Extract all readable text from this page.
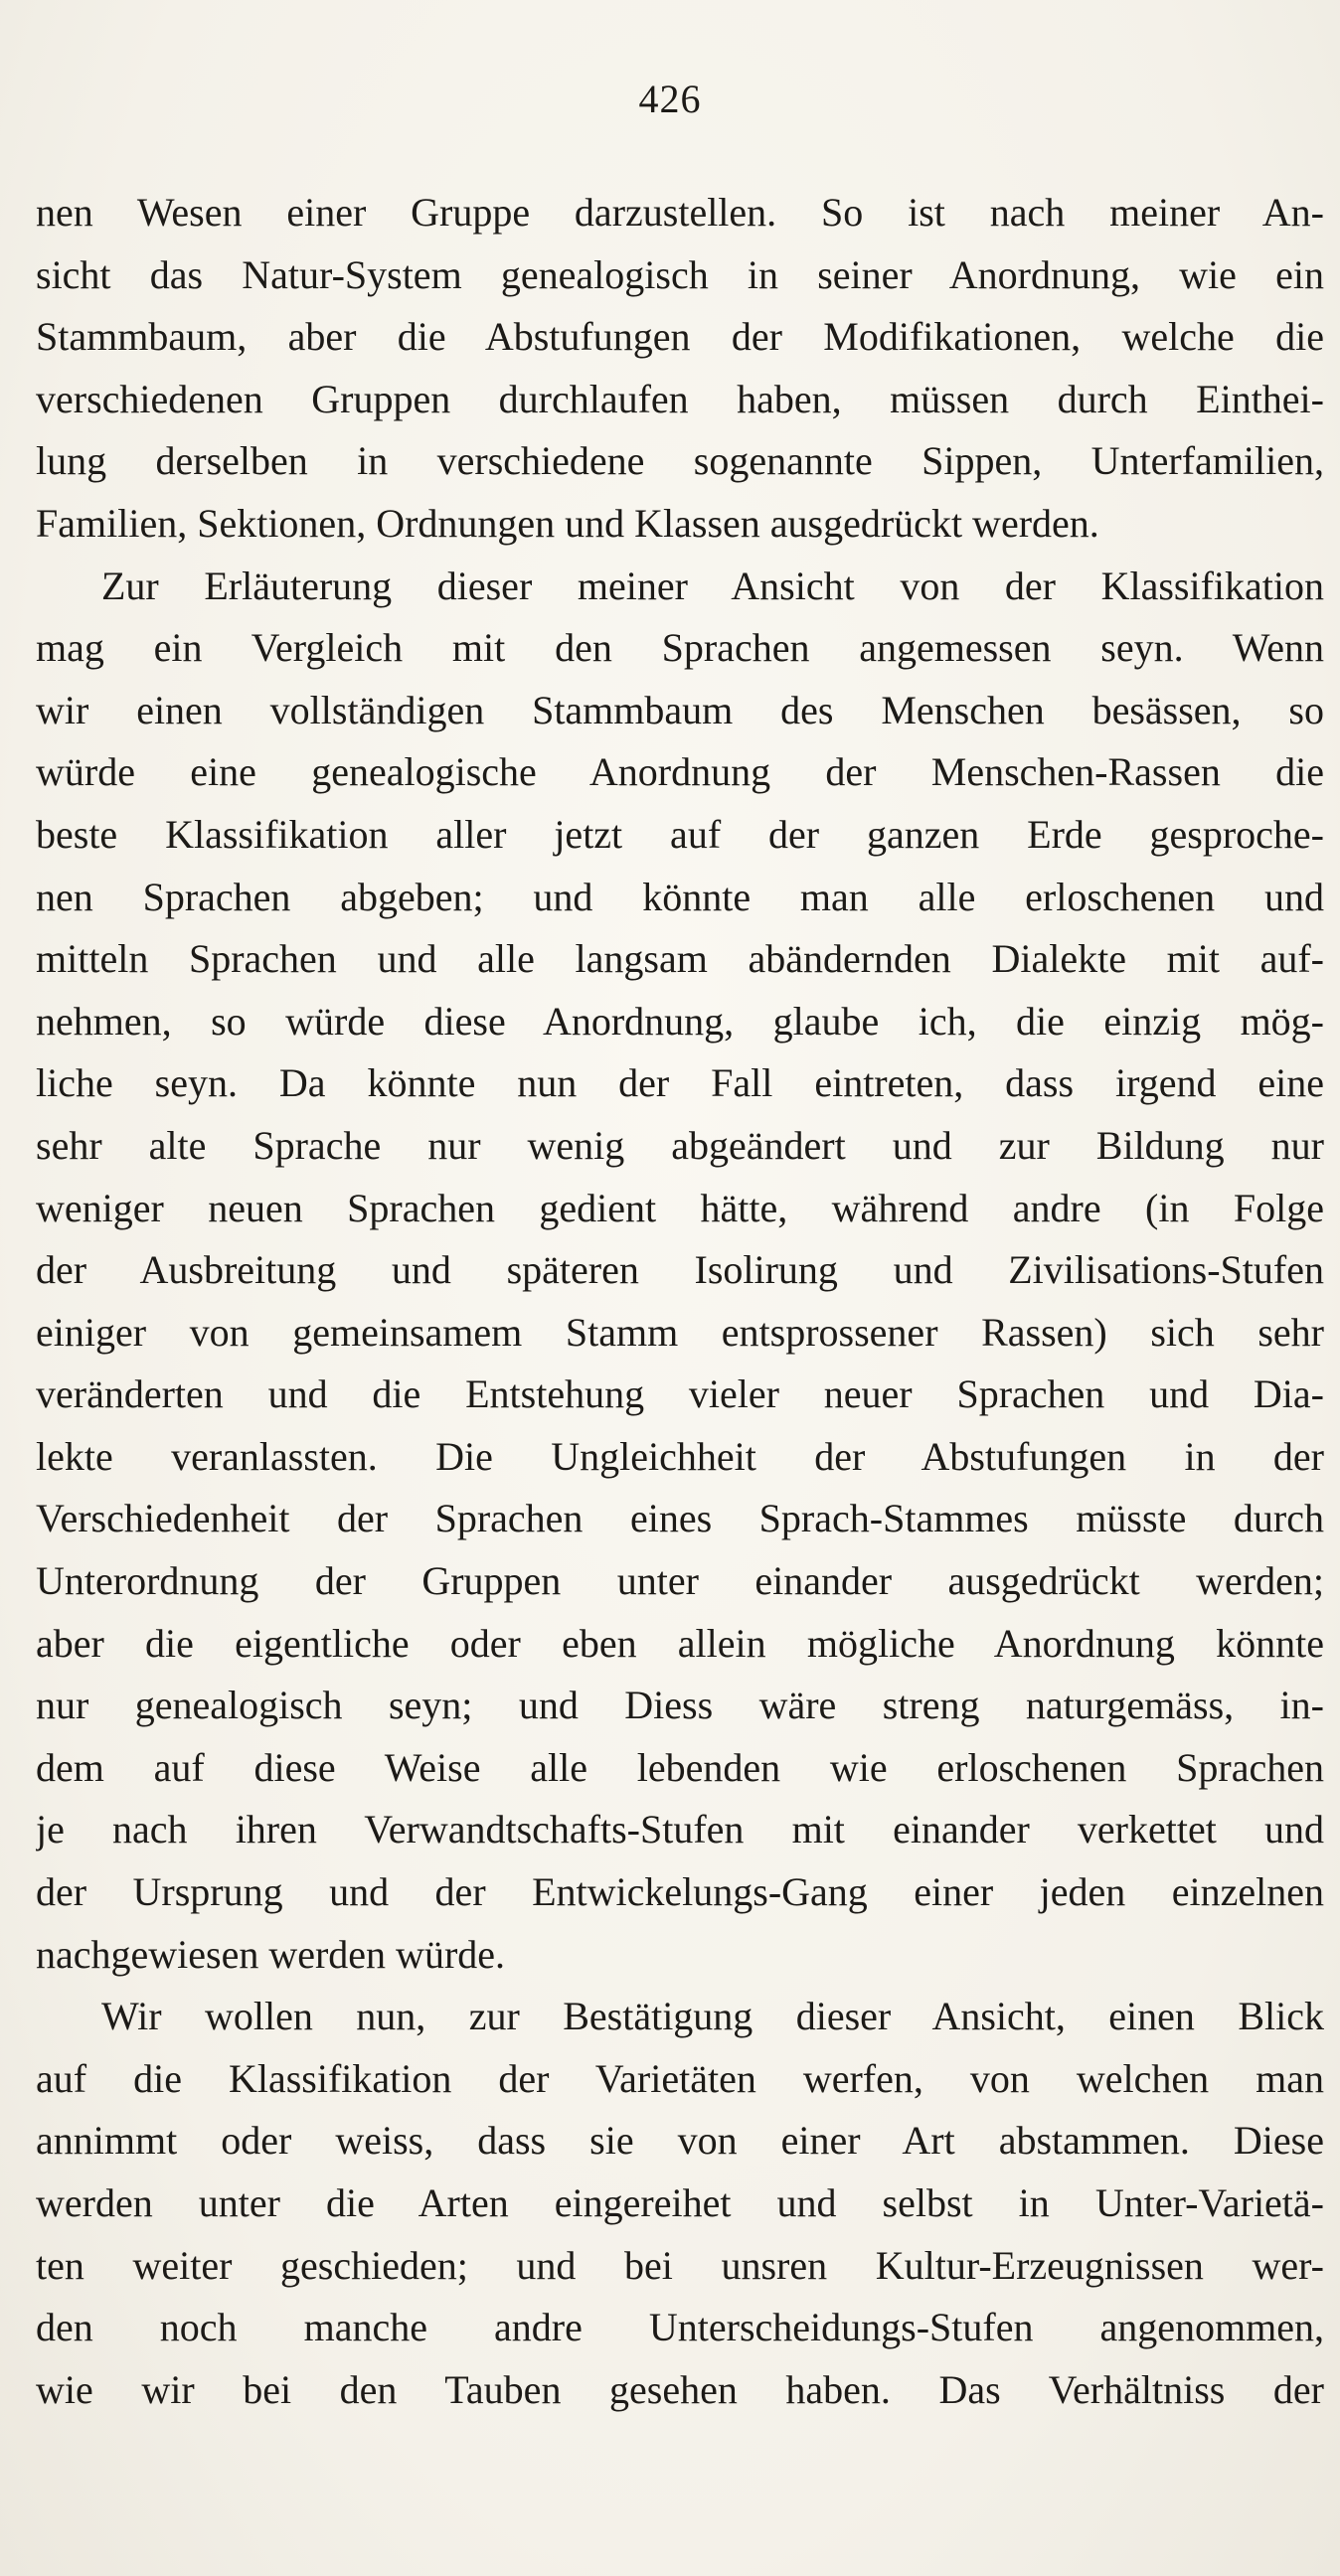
426
nen Wesen einer Gruppe darzustellen. So ist nach meiner An-
sicht das Natur-System genealogisch in seiner Anordnung, wie ein
Stammbaum, aber die Abstufungen der Modifikationen, welche die
verschiedenen Gruppen durchlaufen haben, müssen durch Einthei-
lung derselben in verschiedene sogenannte Sippen, Unterfamilien,
Familien, Sektionen, Ordnungen und Klassen ausgedrückt werden.
Zur Erläuterung dieser meiner Ansicht von der Klassifikation
mag ein Vergleich mit den Sprachen angemessen seyn. Wenn
wir einen vollständigen Stammbaum des Menschen besässen, so
würde eine genealogische Anordnung der Menschen-Rassen die
beste Klassifikation aller jetzt auf der ganzen Erde gesproche-
nen Sprachen abgeben; und könnte man alle erloschenen und
mitteln Sprachen und alle langsam abändernden Dialekte mit auf-
nehmen, so würde diese Anordnung, glaube ich, die einzig mög-
liche seyn. Da könnte nun der Fall eintreten, dass irgend eine
sehr alte Sprache nur wenig abgeändert und zur Bildung nur
weniger neuen Sprachen gedient hätte, während andre (in Folge
der Ausbreitung und späteren Isolirung und Zivilisations-Stufen
einiger von gemeinsamem Stamm entsprossener Rassen) sich sehr
veränderten und die Entstehung vieler neuer Sprachen und Dia-
lekte veranlassten. Die Ungleichheit der Abstufungen in der
Verschiedenheit der Sprachen eines Sprach-Stammes müsste durch
Unterordnung der Gruppen unter einander ausgedrückt werden;
aber die eigentliche oder eben allein mögliche Anordnung könnte
nur genealogisch seyn; und Diess wäre streng naturgemäss, in-
dem auf diese Weise alle lebenden wie erloschenen Sprachen
je nach ihren Verwandtschafts-Stufen mit einander verkettet und
der Ursprung und der Entwickelungs-Gang einer jeden einzelnen
nachgewiesen werden würde.
Wir wollen nun, zur Bestätigung dieser Ansicht, einen Blick
auf die Klassifikation der Varietäten werfen, von welchen man
annimmt oder weiss, dass sie von einer Art abstammen. Diese
werden unter die Arten eingereihet und selbst in Unter-Varietä-
ten weiter geschieden; und bei unsren Kultur-Erzeugnissen wer-
den noch manche andre Unterscheidungs-Stufen angenommen,
wie wir bei den Tauben gesehen haben. Das Verhältniss der
